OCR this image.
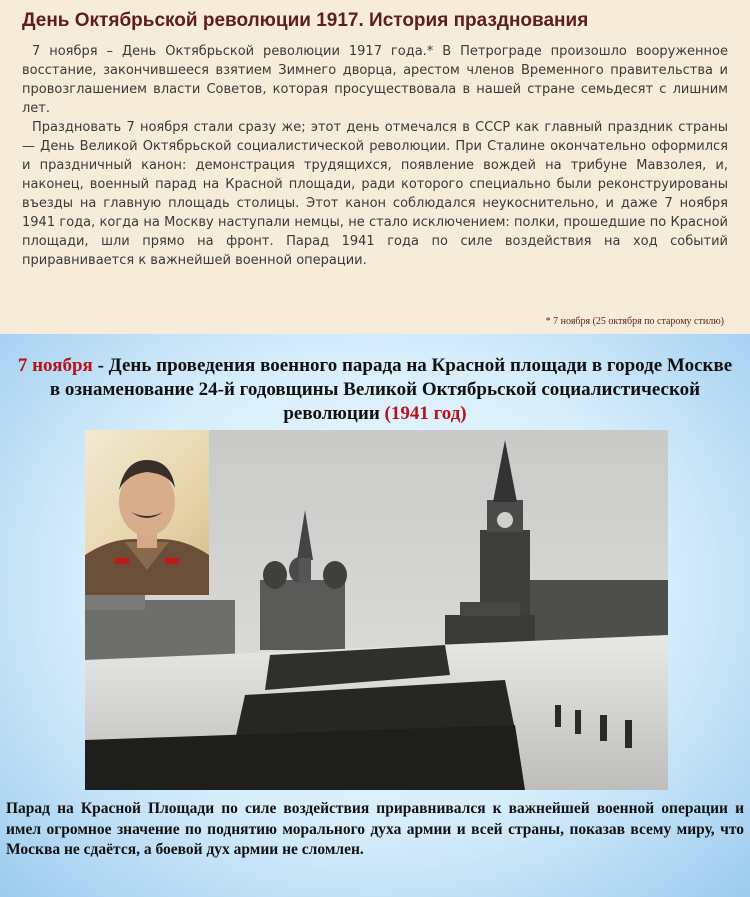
День Октябрьской революции 1917. История празднования

7 ноября – День Октябрьской революции 1917 года.* В Петрограде произошло вооруженное восстание, закончившееся взятием Зимнего дворца, арестом членов Временного правительства и провозглашением власти Советов, которая просуществовала в нашей стране семьдесят с лишним лет.

Праздновать 7 ноября стали сразу же; этот день отмечался в СССР как главный праздник страны — День Великой Октябрьской социалистической революции. При Сталине окончательно оформился и праздничный канон: демонстрация трудящихся, появление вождей на трибуне Мавзолея, и, наконец, военный парад на Красной площади, ради которого специально были реконструированы въезды на главную площадь столицы. Этот канон соблюдался неукоснительно, и даже 7 ноября 1941 года, когда на Москву наступали немцы, не стало исключением: полки, прошедшие по Красной площади, шли прямо на фронт. Парад 1941 года по силе воздействия на ход событий приравнивается к важнейшей военной операции.

* 7 ноября (25 октября по старому стилю)
7 ноября - День проведения военного парада на Красной площади в городе Москве в ознаменование 24-й годовщины Великой Октябрьской социалистической революции (1941 год)
Парад на Красной Площади по силе воздействия приравнивался к важнейшей военной операции и имел огромное значение по поднятию морального духа армии и всей страны, показав всему миру, что Москва не сдаётся, а боевой дух армии не сломлен.
